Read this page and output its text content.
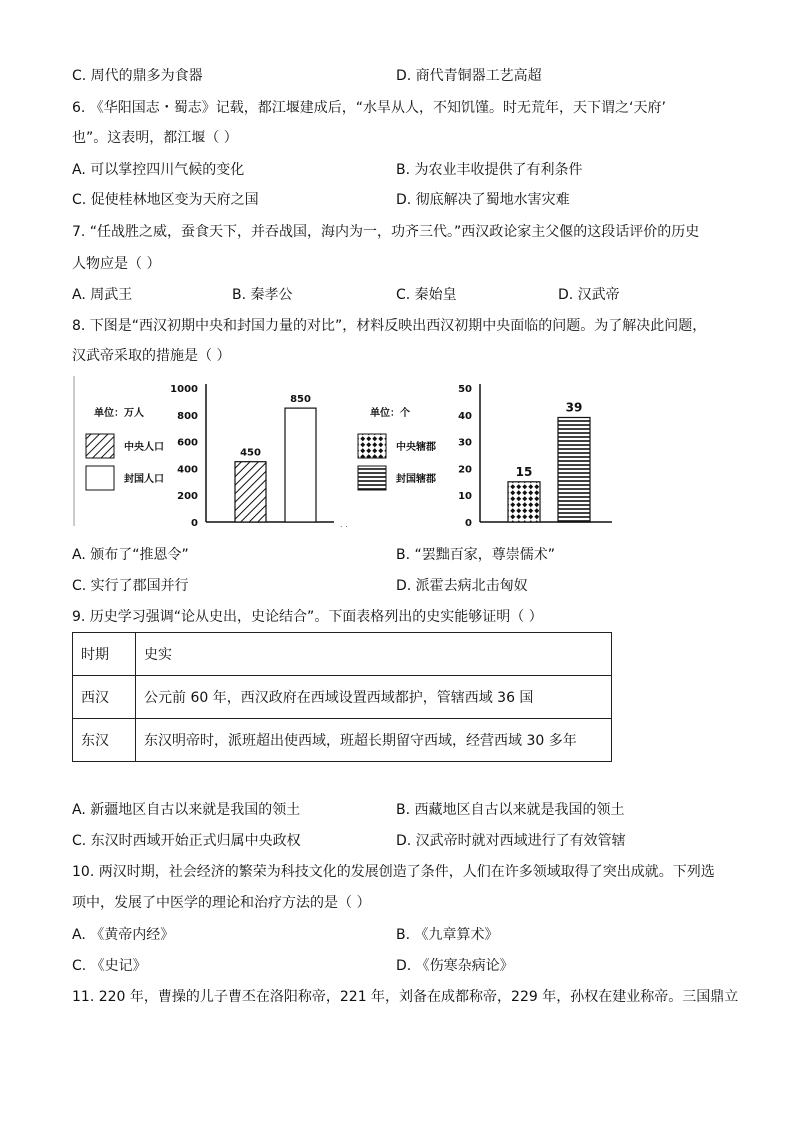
C. 周代的鼎多为食器	D. 商代青铜器工艺高超
6. 《华阳国志・蜀志》记载，都江堰建成后，“水旱从人，不知饥馑。时无荒年，天下谓之‘天府’
也”。这表明，都江堰（ ）
A. 可以掌控四川气候的变化	B. 为农业丰收提供了有利条件
C. 促使桂林地区变为天府之国	D. 彻底解决了蜀地水害灾难
7. “任战胜之威，蚕食天下，并吞战国，海内为一，功齐三代。”西汉政论家主父偃的这段话评价的历史
人物应是（ ）
A. 周武王	B. 秦孝公	C. 秦始皇	D. 汉武帝
8. 下图是“西汉初期中央和封国力量的对比”，材料反映出西汉初期中央面临的问题。为了解决此问题，
汉武帝采取的措施是（ ）
0
200
400
600
800
1000
单位：万人
中央人口
封国人口
450
850
0
10
20
30
40
50
单位：个
中央辖郡
封国辖郡
15
39
. .
A. 颁布了“推恩令”	B. “罢黜百家，尊崇儒术”
C. 实行了郡国并行	D. 派霍去病北击匈奴
9. 历史学习强调“论从史出，史论结合”。下面表格列出的史实能够证明（ ）
时期	史实
西汉	公元前 60 年，西汉政府在西域设置西域都护，管辖西域 36 国
东汉	东汉明帝时，派班超出使西域，班超长期留守西域，经营西域 30 多年
A. 新疆地区自古以来就是我国的领土	B. 西藏地区自古以来就是我国的领土
C. 东汉时西域开始正式归属中央政权	D. 汉武帝时就对西域进行了有效管辖
10. 两汉时期，社会经济的繁荣为科技文化的发展创造了条件，人们在许多领域取得了突出成就。下列选
项中，发展了中医学的理论和治疗方法的是（ ）
A. 《黄帝内经》	B. 《九章算术》
C. 《史记》	D. 《伤寒杂病论》
11. 220 年，曹操的儿子曹丕在洛阳称帝，221 年，刘备在成都称帝，229 年，孙权在建业称帝。三国鼎立
